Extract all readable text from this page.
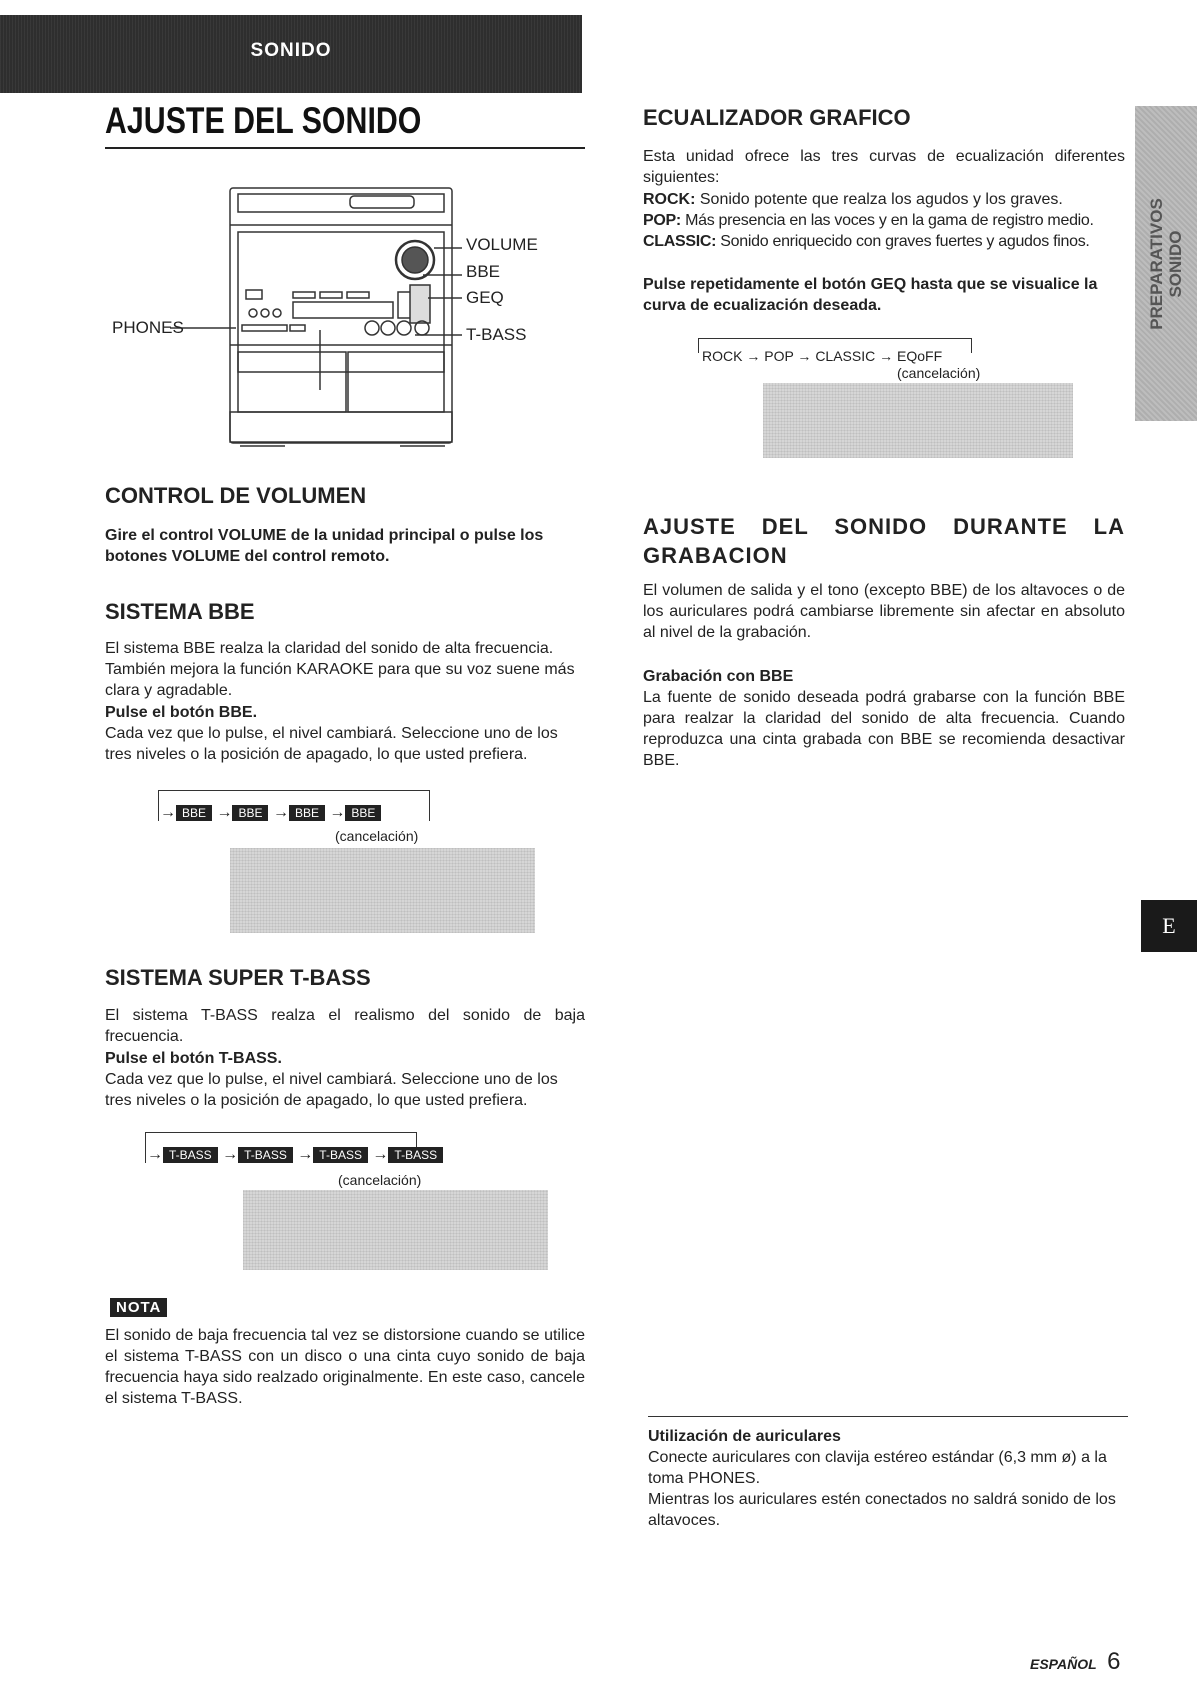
SONIDO
AJUSTE DEL SONIDO
VOLUME
BBE
GEQ
T-BASS
PHONES
CONTROL DE VOLUMEN
Gire el control VOLUME de la unidad principal o pulse los botones VOLUME del control remoto.
SISTEMA BBE
El sistema BBE realza la claridad del sonido de alta frecuencia. También mejora la función KARAOKE para que su voz suene más clara y agradable.
Pulse el botón BBE.
Cada vez que lo pulse, el nivel cambiará. Seleccione uno de los tres niveles o la posición de apagado, lo que usted prefiera.
→ BBE → BBE → BBE → BBE
(cancelación)
SISTEMA SUPER T-BASS
El sistema T-BASS realza el realismo del sonido de baja frecuencia.
Pulse el botón T-BASS.
Cada vez que lo pulse, el nivel cambiará. Seleccione uno de los tres niveles o la posición de apagado, lo que usted prefiera.
→ T-BASS → T-BASS → T-BASS → T-BASS
(cancelación)
NOTA
El sonido de baja frecuencia tal vez se distorsione cuando se utilice el sistema T-BASS con un disco o una cinta cuyo sonido de baja frecuencia haya sido realzado originalmente. En este caso, cancele el sistema T-BASS.
ECUALIZADOR GRAFICO
Esta unidad ofrece las tres curvas de ecualización diferentes siguientes:
ROCK: Sonido potente que realza los agudos y los graves.
POP: Más presencia en las voces y en la gama de registro medio.
CLASSIC: Sonido enriquecido con graves fuertes y agudos finos.
Pulse repetidamente el botón GEQ hasta que se visualice la curva de ecualización deseada.
ROCK → POP → CLASSIC → EQoFF
(cancelación)
AJUSTE DEL SONIDO DURANTE LA GRABACION
El volumen de salida y el tono (excepto BBE) de los altavoces o de los auriculares podrá cambiarse libremente sin afectar en absoluto al nivel de la grabación.
Grabación con BBE
La fuente de sonido deseada podrá grabarse con la función BBE para realzar la claridad del sonido de alta frecuencia. Cuando reproduzca una cinta grabada con BBE se recomienda desactivar BBE.
Utilización de auriculares
Conecte auriculares con clavija estéreo estándar (6,3 mm ø) a la toma PHONES.
Mientras los auriculares estén conectados no saldrá sonido de los altavoces.
PREPARATIVOS SONIDO
E
ESPAÑOL 6
